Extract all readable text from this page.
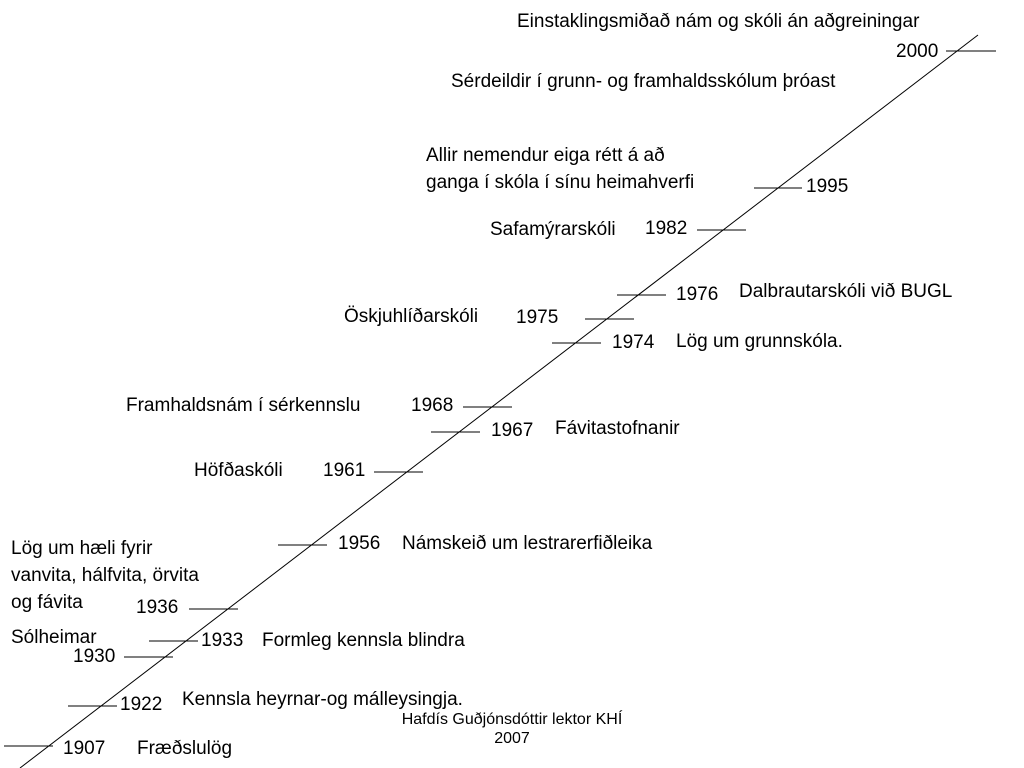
Einstaklingsmiðað nám og skóli án aðgreiningar
2000
Sérdeildir í grunn- og framhaldsskólum þróast
Allir nemendur eiga rétt á að
ganga í skóla í sínu heimahverfi	1995
Safamýrarskóli 1982
1976 Dalbrautarskóli við BUGL
Öskjuhlíðarskóli 1975
1974 Lög um grunnskóla.
Framhaldsnám í sérkennslu	1968
1967 Fávitastofnanir
Höfðaskóli 1961
1956 Námskeið um lestrarerfiðleika
Lög um hæli fyrir
vanvita, hálfvita, örvita
og fávita	1936
1933 Formleg kennsla blindra
Sólheimar
1930
1922 Kennsla heyrnar-og málleysingja.
Hafdís Guðjónsdóttir lektor KHÍ
2007
1907 Fræðslulög
